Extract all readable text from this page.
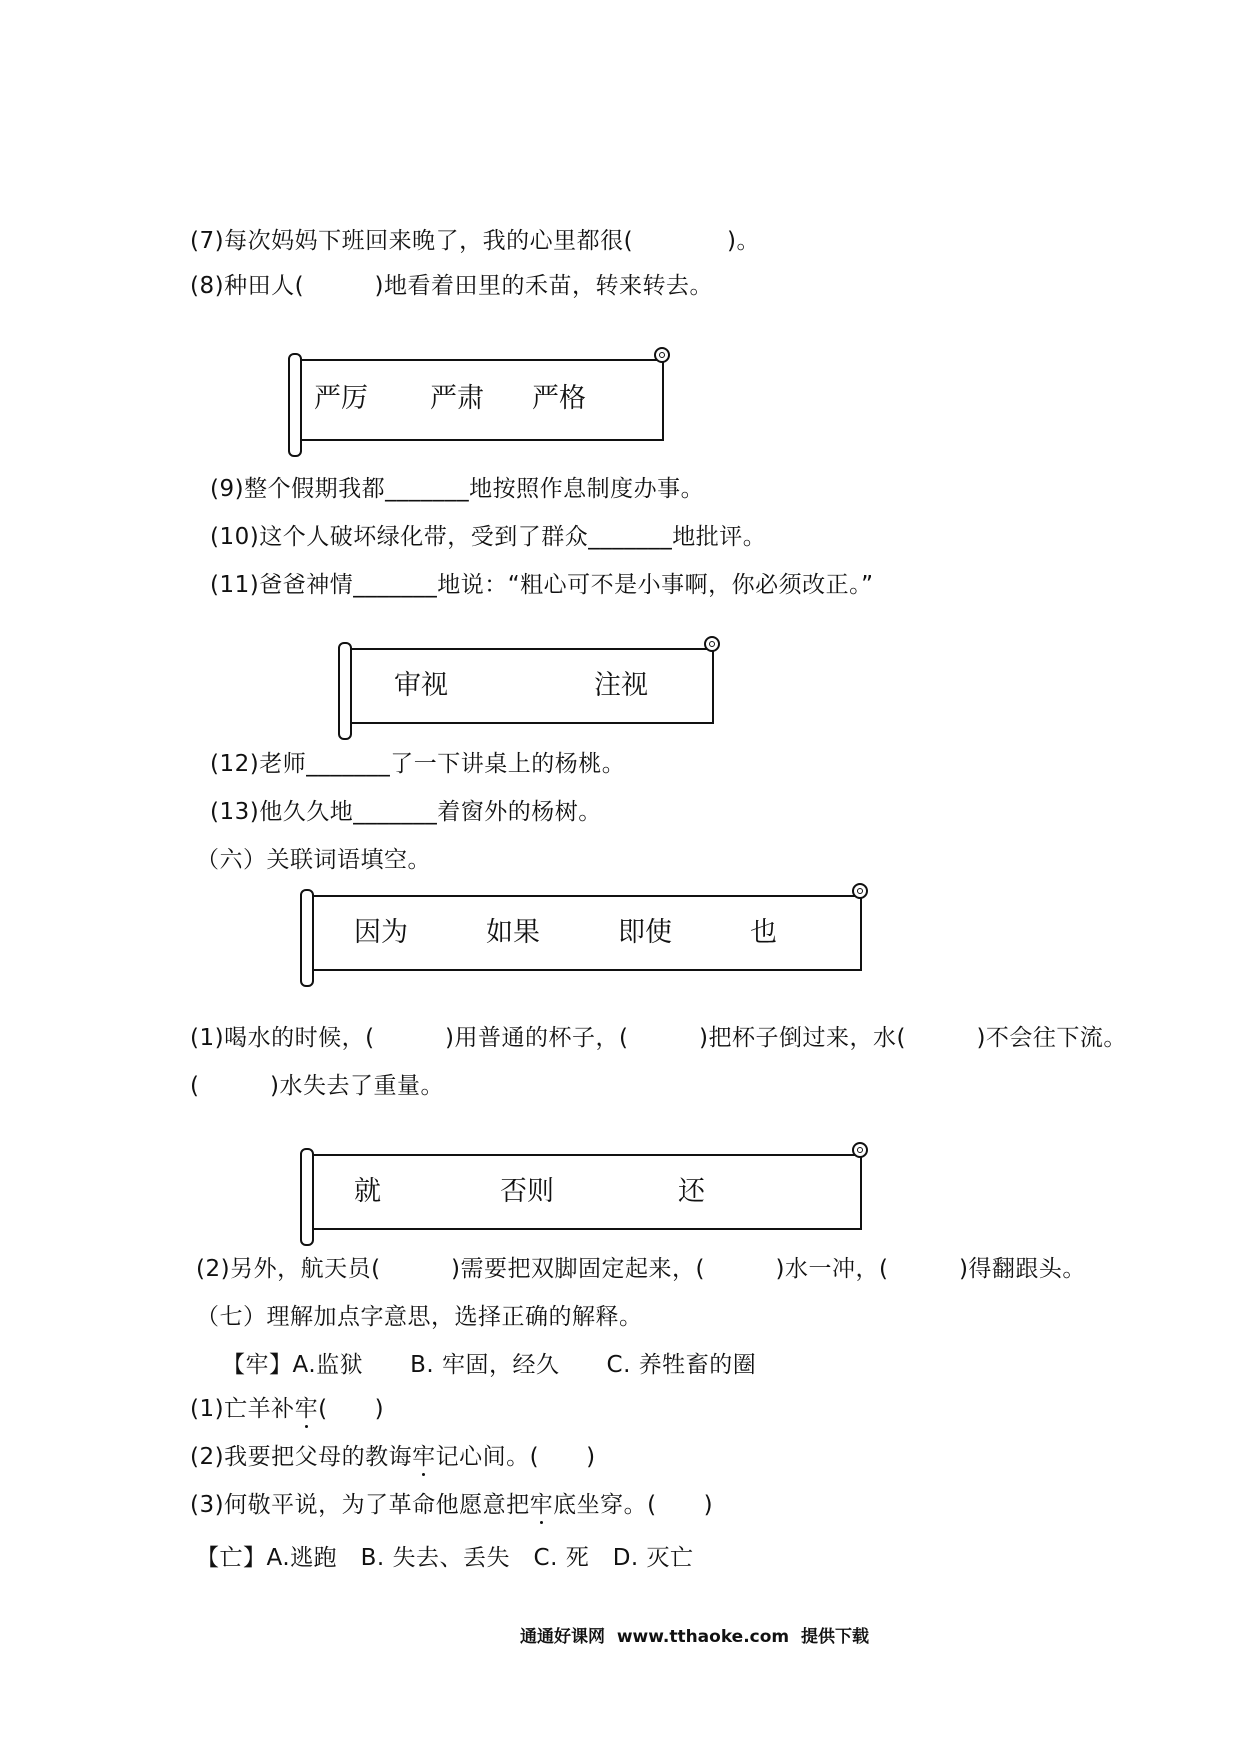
(7)每次妈妈下班回来晚了，我的心里都很(　　　　)。
(8)种田人(　　　)地看着田里的禾苗，转来转去。
严厉 严肃 严格
(9)整个假期我都_______地按照作息制度办事。
(10)这个人破坏绿化带，受到了群众_______地批评。
(11)爸爸神情_______地说：“粗心可不是小事啊，你必须改正。”
审视	注视
(12)老师_______了一下讲桌上的杨桃。
(13)他久久地_______着窗外的杨树。
（六）关联词语填空。
因为	如果	即使	也
(1)喝水的时候，(　　　)用普通的杯子，(　　　)把杯子倒过来，水(　　　)不会往下流。
(　　　)水失去了重量。
就	否则	还
(2)另外，航天员(　　　)需要把双脚固定起来，(　　　)水一冲，(　　　)得翻跟头。
（七）理解加点字意思，选择正确的解释。
【牢】A.监狱　　B. 牢固，经久　　C. 养牲畜的圈
(1)亡羊补牢(　　)
(2)我要把父母的教诲牢记心间。(　　)
(3)何敬平说，为了革命他愿意把牢底坐穿。(　　)
【亡】A.逃跑　B. 失去、丢失　C. 死　D. 灭亡
通通好课网  www.tthaoke.com  提供下载
